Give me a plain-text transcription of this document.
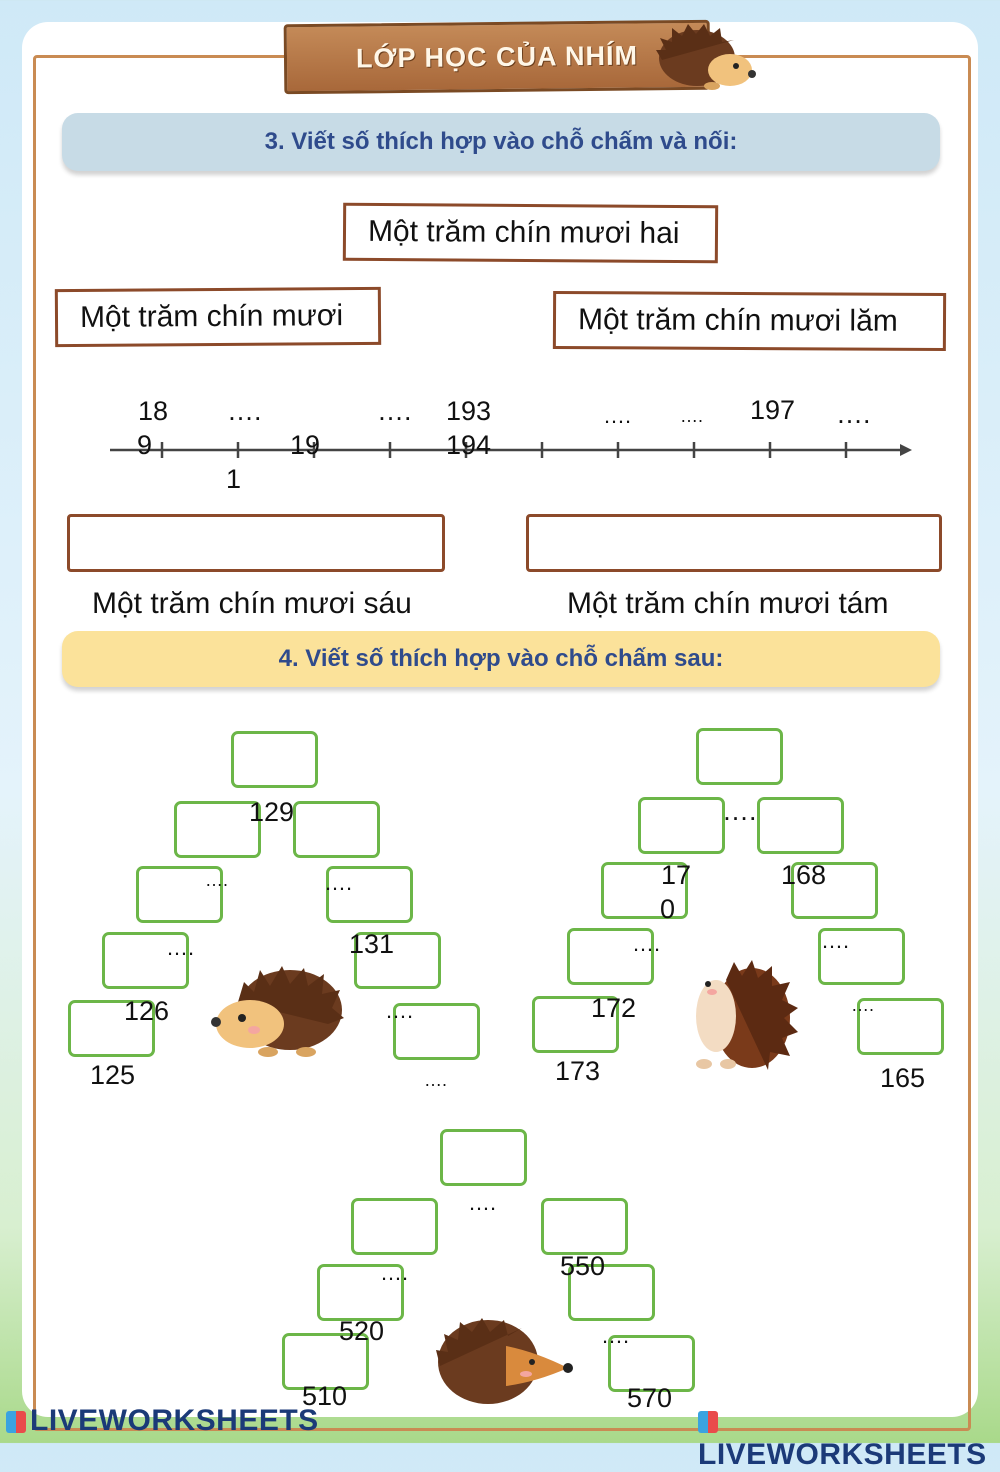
LỚP HỌC CỦA NHÍM
3. Viết số thích hợp vào chỗ chấm và nối:
Một trăm chín mươi hai
Một trăm chín mươi	Một trăm chín mươi lăm
18
9
1
19
….	…. 193
194
….	…. 197 ….
Một trăm chín mươi sáu	Một trăm chín mươi tám
4. Viết số thích hợp vào chỗ chấm sau:
129
….	….
….	131
126	….
125	….
….
17
0
168
….	….
172	….
173	165
….
550
….
520	….
510	570
LIVEWORKSHEETS
LIVEWORKSHEETS
